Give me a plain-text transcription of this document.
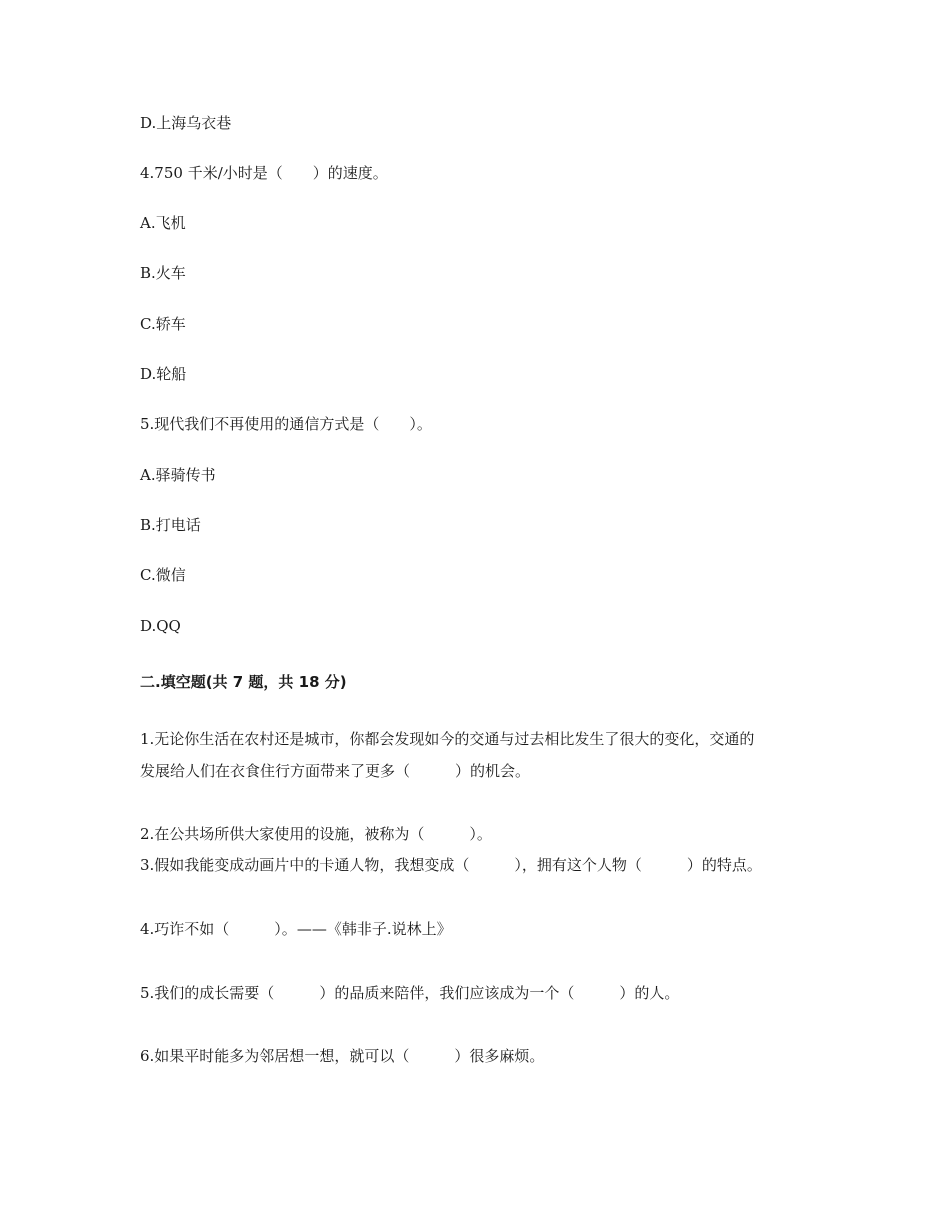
D.上海乌衣巷
4.750 千米/小时是（　　）的速度。
A.飞机
B.火车
C.轿车
D.轮船
5.现代我们不再使用的通信方式是（　　）。
A.驿骑传书
B.打电话
C.微信
D.QQ
二.填空题(共 7 题，共 18 分)
1.无论你生活在农村还是城市，你都会发现如今的交通与过去相比发生了很大的变化，交通的
发展给人们在衣食住行方面带来了更多（　　　）的机会。
2.在公共场所供大家使用的设施，被称为（　　　）。
3.假如我能变成动画片中的卡通人物，我想变成（　　　），拥有这个人物（　　　）的特点。
4.巧诈不如（　　　）。——《韩非子.说林上》
5.我们的成长需要（　　　）的品质来陪伴，我们应该成为一个（　　　）的人。
6.如果平时能多为邻居想一想，就可以（　　　）很多麻烦。
